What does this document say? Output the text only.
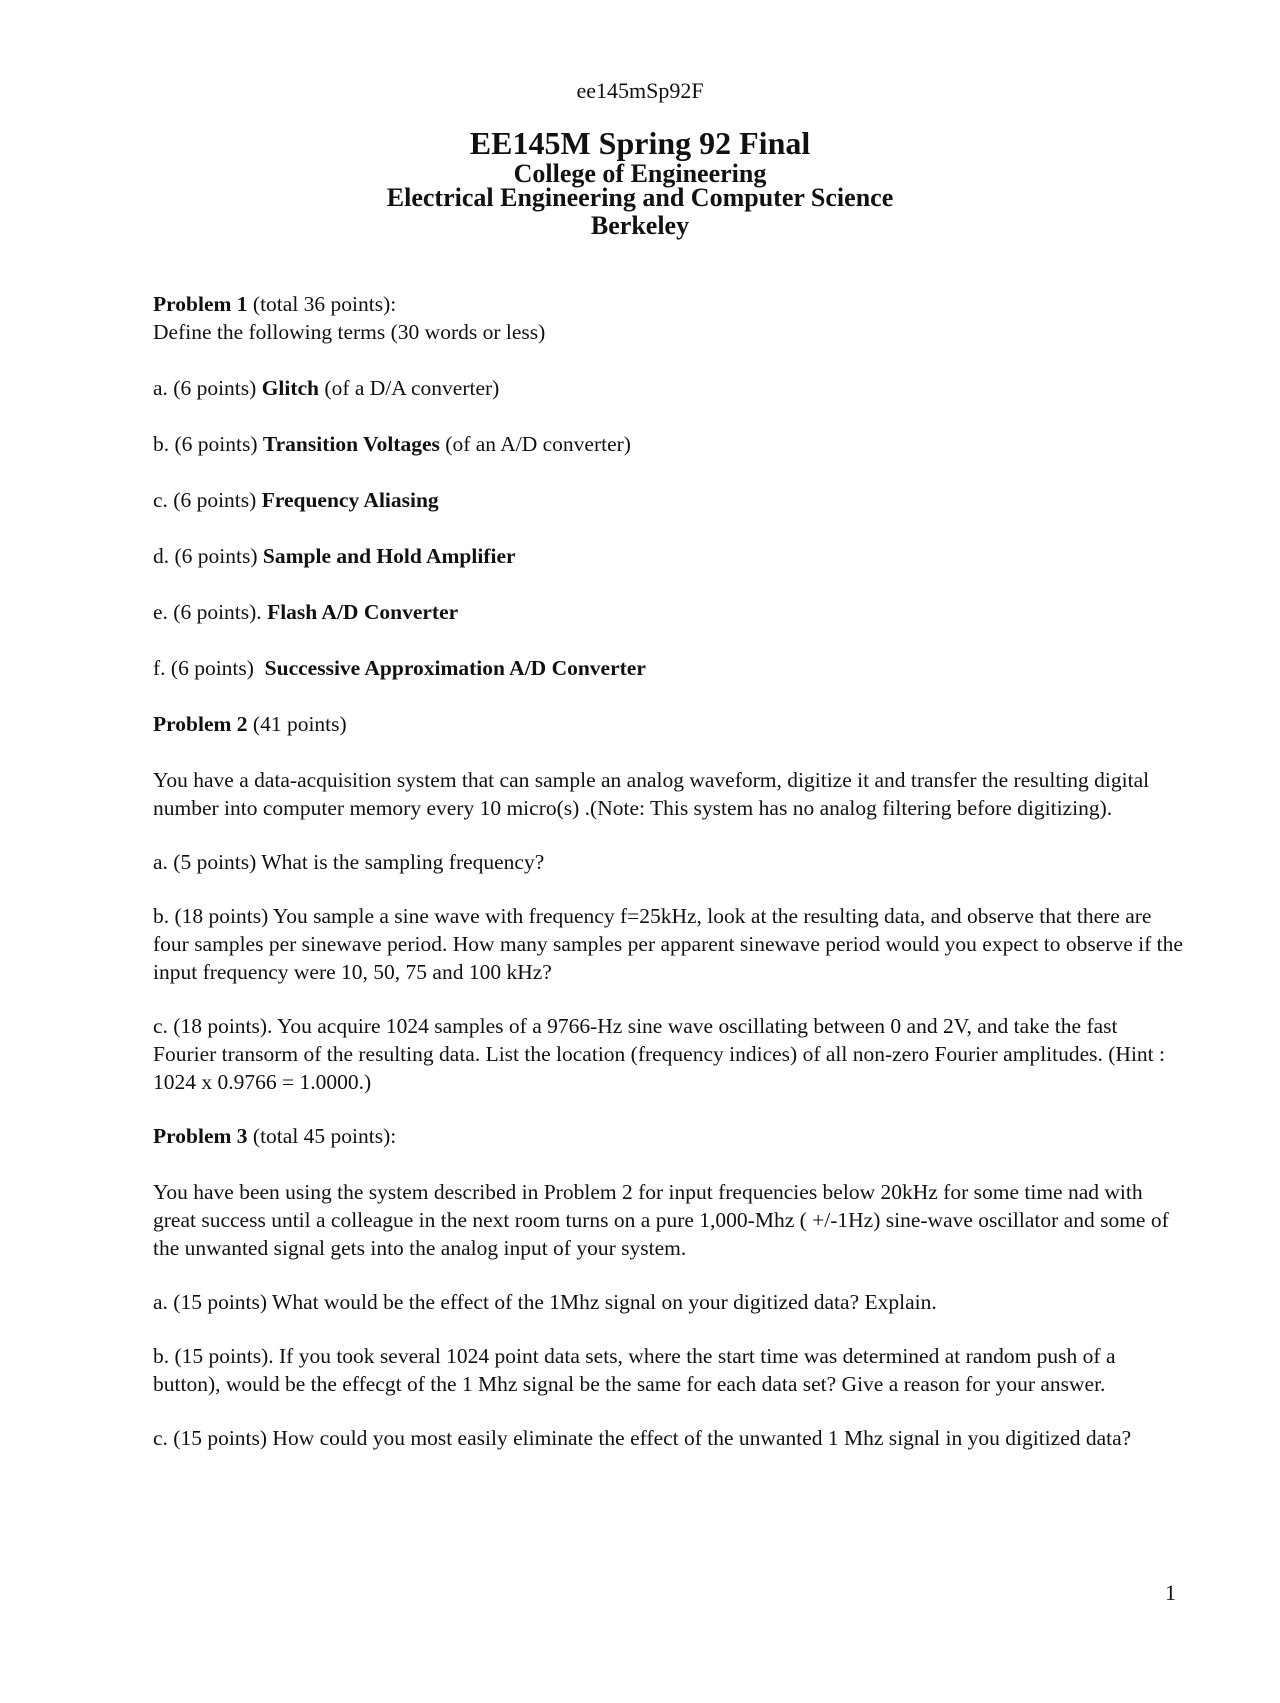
ee145mSp92F
EE145M Spring 92 Final
College of Engineering
Electrical Engineering and Computer Science
Berkeley

Problem 1 (total 36 points):

Define the following terms (30 words or less)

a. (6 points) Glitch (of a D/A converter)

b. (6 points) Transition Voltages (of an A/D converter)

c. (6 points) Frequency Aliasing

d. (6 points) Sample and Hold Amplifier

e. (6 points). Flash A/D Converter

f. (6 points)  Successive Approximation A/D Converter

Problem 2 (41 points)

You have a data-acquisition system that can sample an analog waveform, digitize it and transfer the resulting digital number into computer memory every 10 micro(s) .(Note: This system has no analog filtering before digitizing).

a. (5 points) What is the sampling frequency?

b. (18 points) You sample a sine wave with frequency f=25kHz, look at the resulting data, and observe that there are four samples per sinewave period. How many samples per apparent sinewave period would you expect to observe if the input frequency were 10, 50, 75 and 100 kHz?

c. (18 points). You acquire 1024 samples of a 9766-Hz sine wave oscillating between 0 and 2V, and take the fast Fourier transorm of the resulting data. List the location (frequency indices) of all non-zero Fourier amplitudes. (Hint : 1024 x 0.9766 = 1.0000.)

Problem 3 (total 45 points):

You have been using the system described in Problem 2 for input frequencies below 20kHz for some time nad with great success until a colleague in the next room turns on a pure 1,000-Mhz ( +/-1Hz) sine-wave oscillator and some of the unwanted signal gets into the analog input of your system.

a. (15 points) What would be the effect of the 1Mhz signal on your digitized data? Explain.

b. (15 points). If you took several 1024 point data sets, where the start time was determined at random push of a button), would be the effecgt of the 1 Mhz signal be the same for each data set? Give a reason for your answer.

c. (15 points) How could you most easily eliminate the effect of the unwanted 1 Mhz signal in you digitized data?

1
